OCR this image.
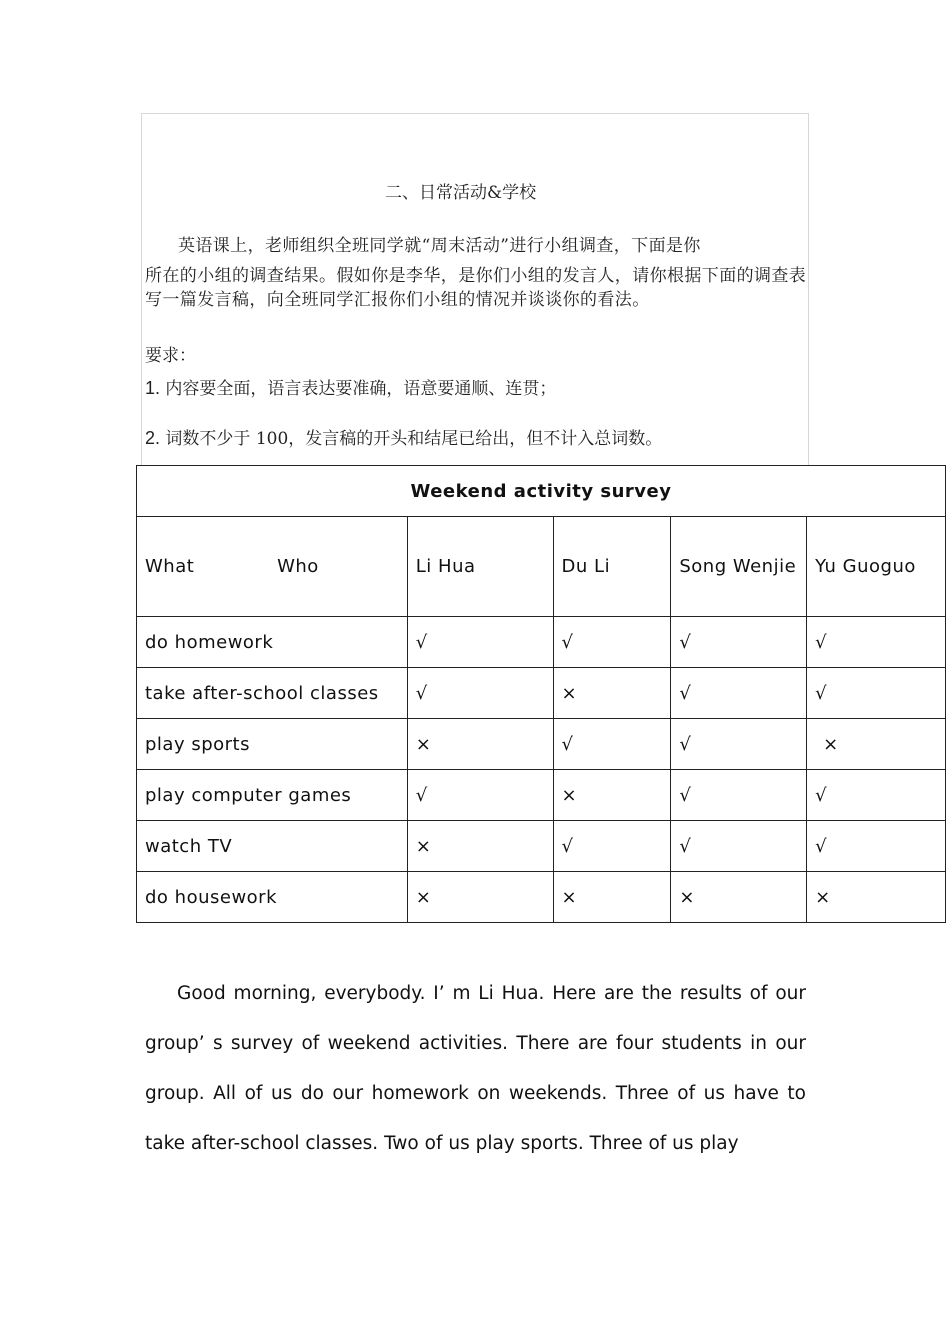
二、日常活动&学校
英语课上，老师组织全班同学就“周末活动”进行小组调查，下面是你
所在的小组的调查结果。假如你是李华，是你们小组的发言人，请你根据下面的调查表写一篇发言稿，向全班同学汇报你们小组的情况并谈谈你的看法。
要求：
1. 内容要全面，语言表达要准确，语意要通顺、连贯；
2. 词数不少于 100，发言稿的开头和结尾已给出，但不计入总词数。
Weekend activity survey				

What Who	Li Hua	Du Li	Song Wenjie	Yu Guoguo
do homework	√	√	√	√
take after-school classes	√	×	√	√
play sports	×	√	√	×
play computer games	√	×	√	√
watch TV	×	√	√	√
do housework	×	×	×	×
Good morning, everybody. I’ m Li Hua. Here are the results of our group’ s survey of weekend activities. There are four students in our group. All of us do our homework on weekends. Three of us have to take after-school classes. Two of us play sports. Three of us play
